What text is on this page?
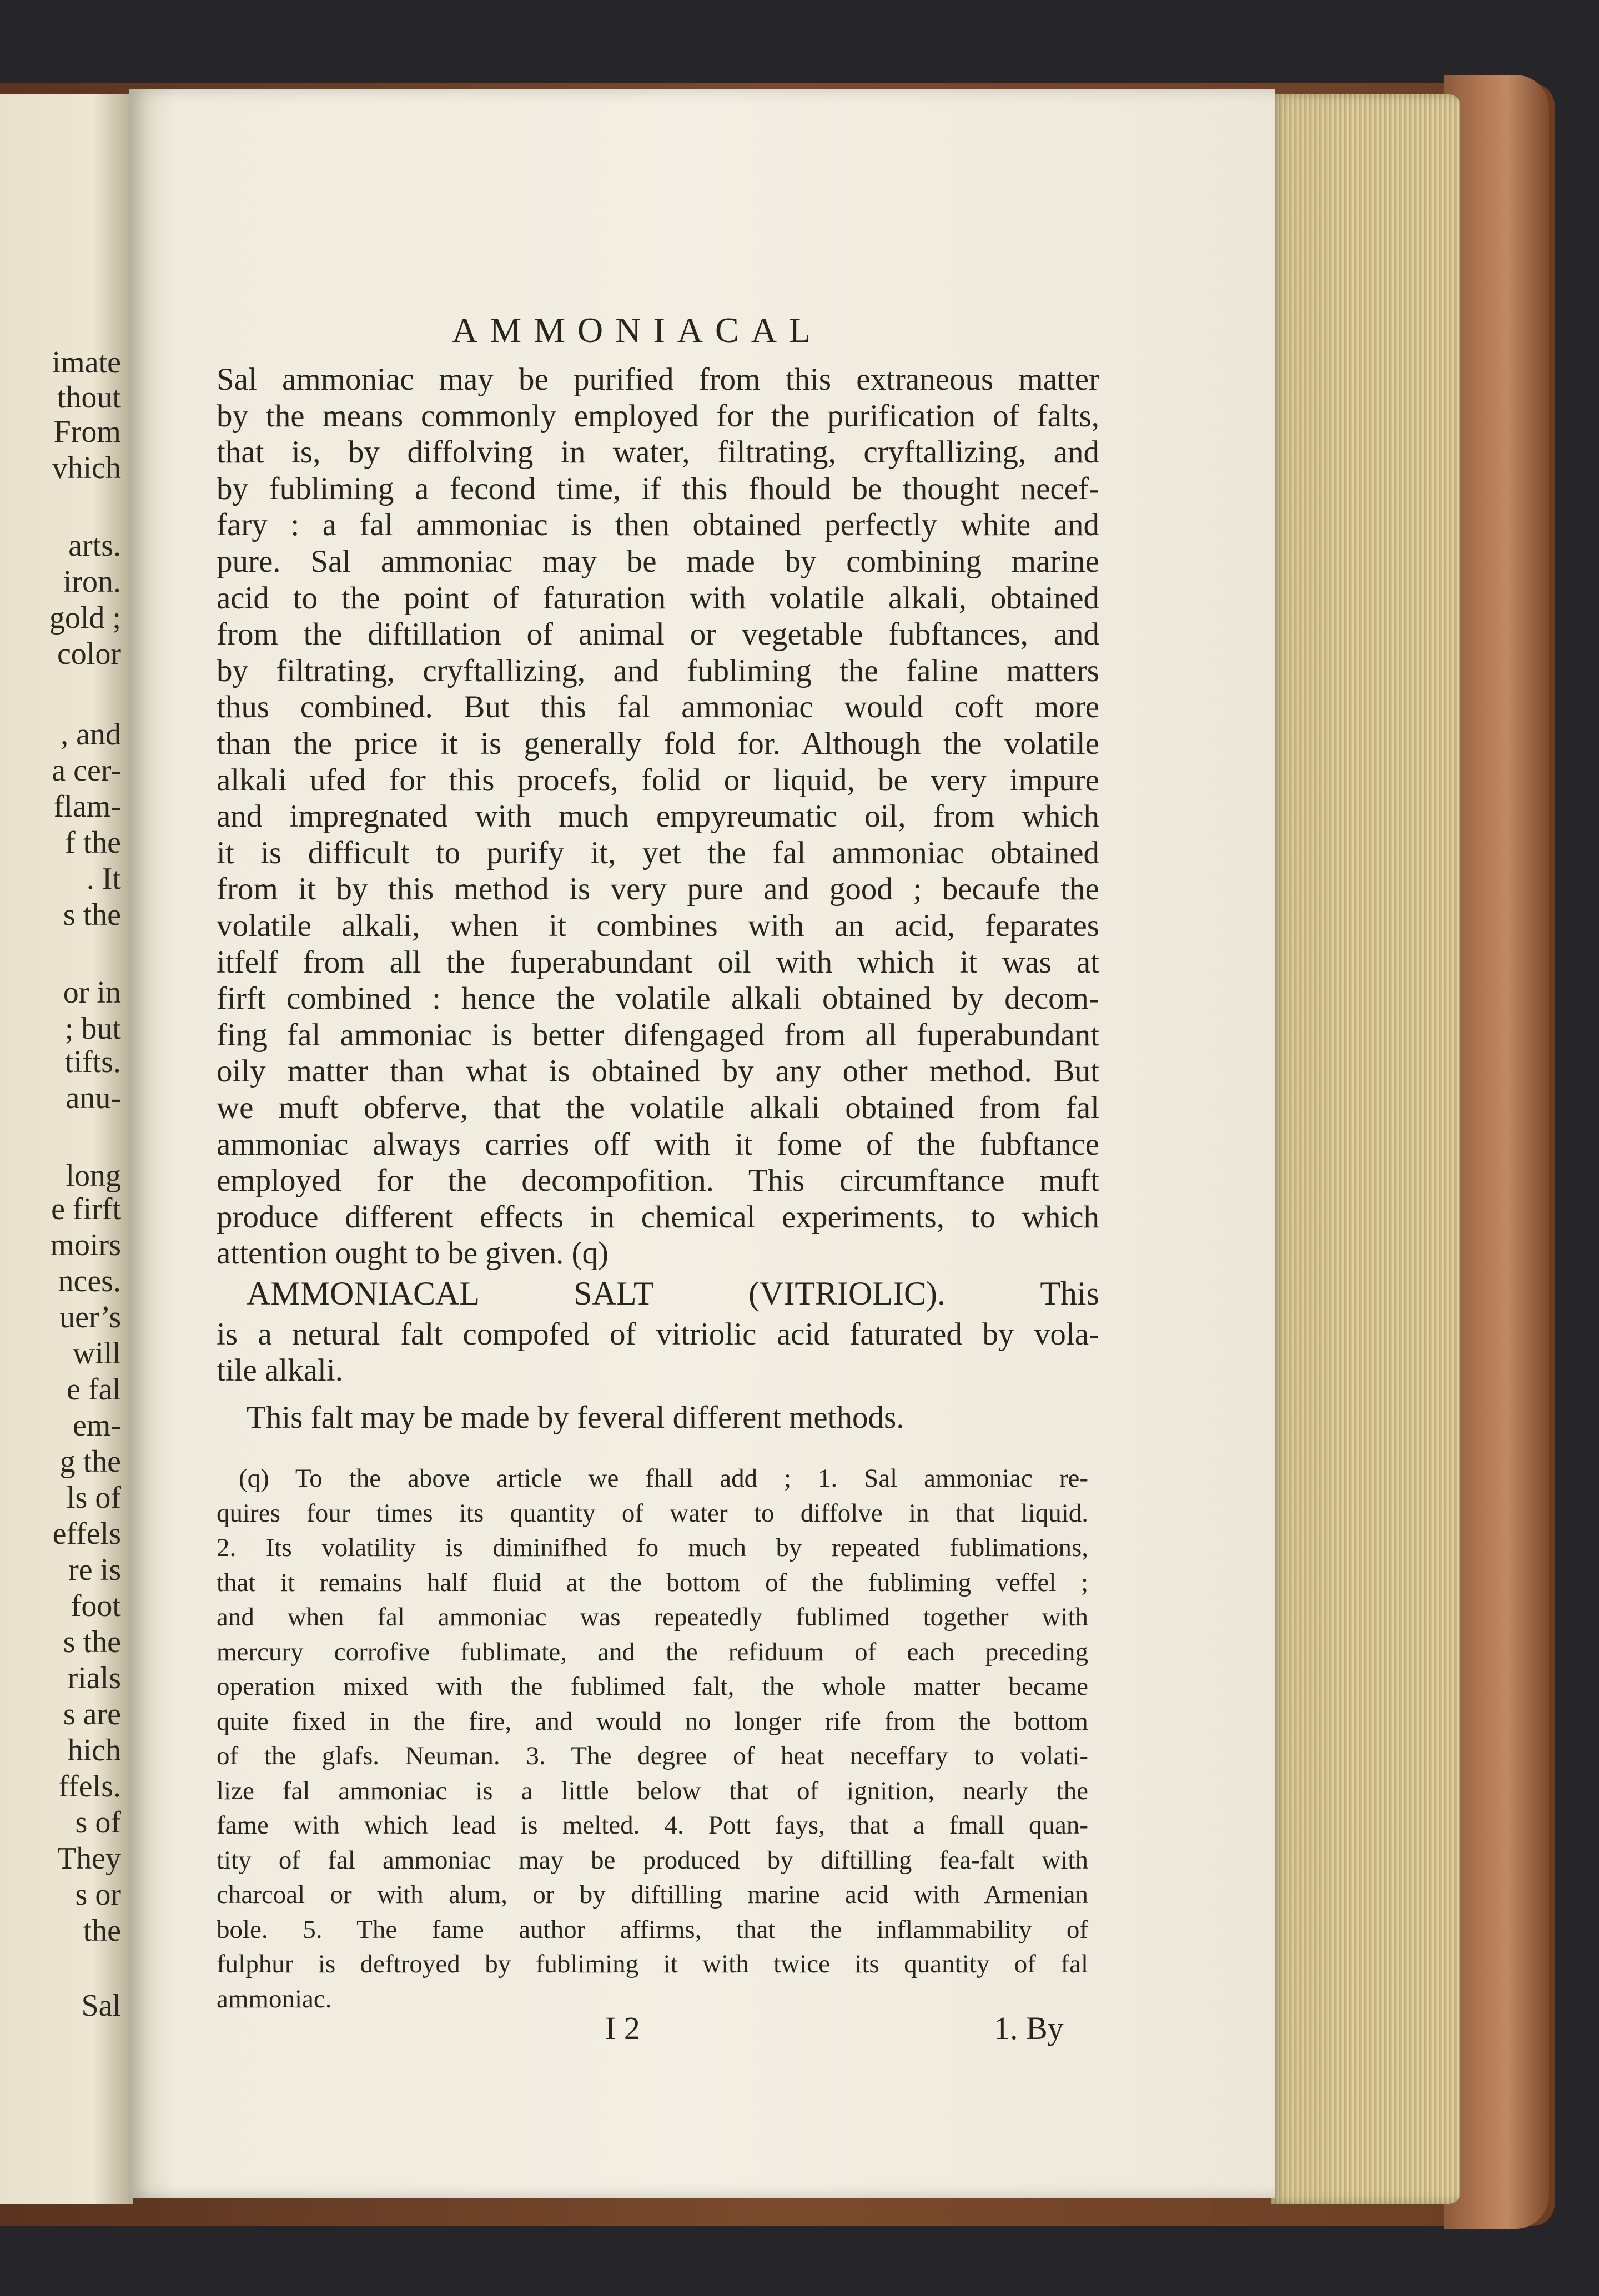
imate
thout
From
vhich
arts.
iron.
gold ;
color
, and
a cer-
flam-
f the
. It
s the
or in
; but
tifts.
anu-
long
e firft
moirs
nces.
uer’s
will
e fal
em-
g the
ls of
effels
re is
foot
s the
rials
s are
hich
ffels.
s of
They
s or
the
Sal
AMMONIACAL
Sal ammoniac may be purified from this extraneous matter
by the means commonly employed for the purification of falts,
that is, by diffolving in water, filtrating, cryftallizing, and
by fubliming a fecond time, if this fhould be thought necef-
fary : a fal ammoniac is then obtained perfectly white and
pure. Sal ammoniac may be made by combining marine
acid to the point of faturation with volatile alkali, obtained
from the diftillation of animal or vegetable fubftances, and
by filtrating, cryftallizing, and fubliming the faline matters
thus combined. But this fal ammoniac would coft more
than the price it is generally fold for. Although the volatile
alkali ufed for this procefs, folid or liquid, be very impure
and impregnated with much empyreumatic oil, from which
it is difficult to purify it, yet the fal ammoniac obtained
from it by this method is very pure and good ; becaufe the
volatile alkali, when it combines with an acid, feparates
itfelf from all the fuperabundant oil with which it was at
firft combined : hence the volatile alkali obtained by decom-
fing fal ammoniac is better difengaged from all fuperabundant
oily matter than what is obtained by any other method. But
we muft obferve, that the volatile alkali obtained from fal
ammoniac always carries off with it fome of the fubftance
employed for the decompofition. This circumftance muft
produce different effects in chemical experiments, to which
attention ought to be given. (q)
AMMONIACAL SALT (VITRIOLIC). This
is a netural falt compofed of vitriolic acid faturated by vola-
tile alkali.
This falt may be made by feveral different methods.
(q) To the above article we fhall add ; 1. Sal ammoniac re-
quires four times its quantity of water to diffolve in that liquid.
2. Its volatility is diminifhed fo much by repeated fublimations,
that it remains half fluid at the bottom of the fubliming veffel ;
and when fal ammoniac was repeatedly fublimed together with
mercury corrofive fublimate, and the refiduum of each preceding
operation mixed with the fublimed falt, the whole matter became
quite fixed in the fire, and would no longer rife from the bottom
of the glafs. Neuman. 3. The degree of heat neceffary to volati-
lize fal ammoniac is a little below that of ignition, nearly the
fame with which lead is melted. 4. Pott fays, that a fmall quan-
tity of fal ammoniac may be produced by diftilling fea-falt with
charcoal or with alum, or by diftilling marine acid with Armenian
bole. 5. The fame author affirms, that the inflammability of
fulphur is deftroyed by fubliming it with twice its quantity of fal
ammoniac.
I 2	1. By
